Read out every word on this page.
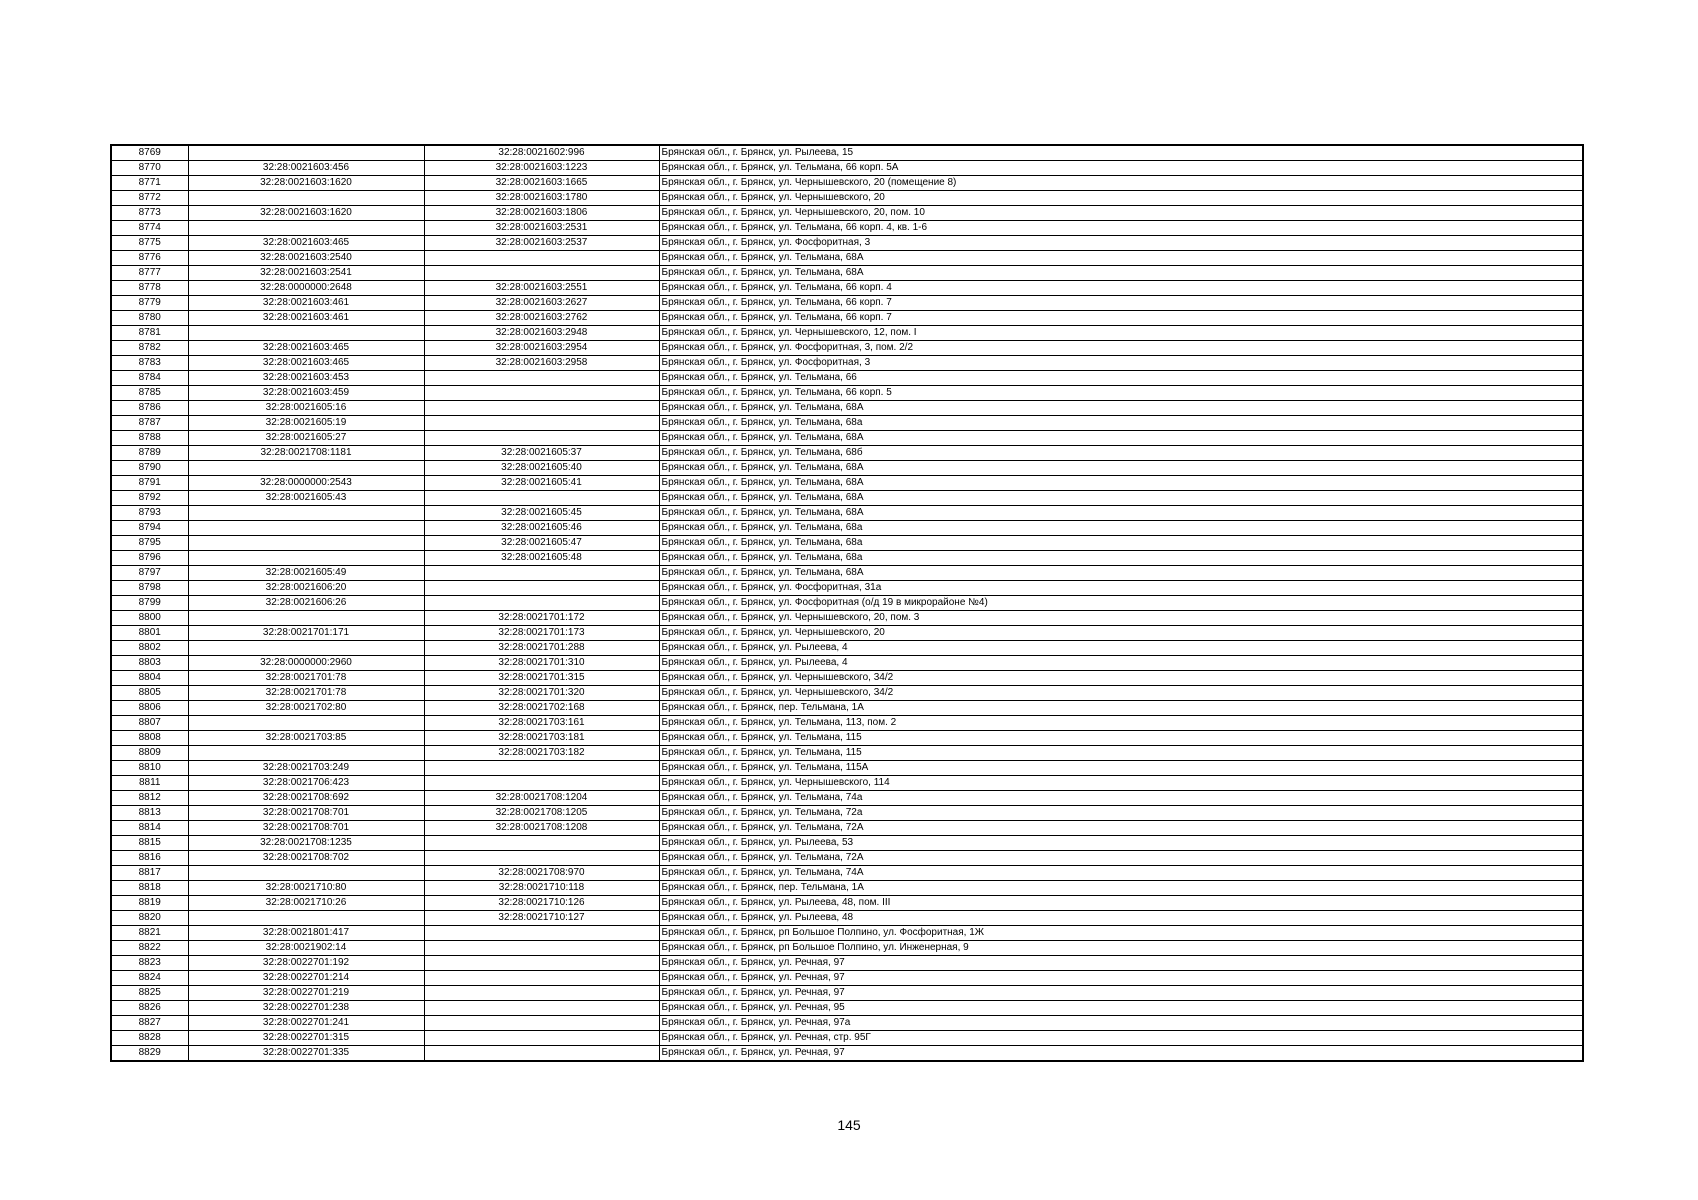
8769		32:28:0021602:996	Брянская обл., г. Брянск, ул. Рылеева, 15
8770	32:28:0021603:456	32:28:0021603:1223	Брянская обл., г. Брянск, ул. Тельмана, 66 корп. 5А
8771	32:28:0021603:1620	32:28:0021603:1665	Брянская обл., г. Брянск, ул. Чернышевского, 20 (помещение 8)
8772		32:28:0021603:1780	Брянская обл., г. Брянск, ул. Чернышевского, 20
8773	32:28:0021603:1620	32:28:0021603:1806	Брянская обл., г. Брянск, ул. Чернышевского, 20, пом. 10
8774		32:28:0021603:2531	Брянская обл., г. Брянск, ул. Тельмана, 66 корп. 4, кв. 1-6
8775	32:28:0021603:465	32:28:0021603:2537	Брянская обл., г. Брянск, ул. Фосфоритная, 3
8776	32:28:0021603:2540		Брянская обл., г. Брянск, ул. Тельмана, 68А
8777	32:28:0021603:2541		Брянская обл., г. Брянск, ул. Тельмана, 68А
8778	32:28:0000000:2648	32:28:0021603:2551	Брянская обл., г. Брянск, ул. Тельмана, 66 корп. 4
8779	32:28:0021603:461	32:28:0021603:2627	Брянская обл., г. Брянск, ул. Тельмана, 66 корп. 7
8780	32:28:0021603:461	32:28:0021603:2762	Брянская обл., г. Брянск, ул. Тельмана, 66 корп. 7
8781		32:28:0021603:2948	Брянская обл., г. Брянск, ул. Чернышевского, 12, пом. I
8782	32:28:0021603:465	32:28:0021603:2954	Брянская обл., г. Брянск, ул. Фосфоритная, 3, пом. 2/2
8783	32:28:0021603:465	32:28:0021603:2958	Брянская обл., г. Брянск, ул. Фосфоритная, 3
8784	32:28:0021603:453		Брянская обл., г. Брянск, ул. Тельмана, 66
8785	32:28:0021603:459		Брянская обл., г. Брянск, ул. Тельмана, 66 корп. 5
8786	32:28:0021605:16		Брянская обл., г. Брянск, ул. Тельмана, 68А
8787	32:28:0021605:19		Брянская обл., г. Брянск, ул. Тельмана, 68а
8788	32:28:0021605:27		Брянская обл., г. Брянск, ул. Тельмана, 68А
8789	32:28:0021708:1181	32:28:0021605:37	Брянская обл., г. Брянск, ул. Тельмана, 68б
8790		32:28:0021605:40	Брянская обл., г. Брянск, ул. Тельмана, 68А
8791	32:28:0000000:2543	32:28:0021605:41	Брянская обл., г. Брянск, ул. Тельмана, 68А
8792	32:28:0021605:43		Брянская обл., г. Брянск, ул. Тельмана, 68А
8793		32:28:0021605:45	Брянская обл., г. Брянск, ул. Тельмана, 68А
8794		32:28:0021605:46	Брянская обл., г. Брянск, ул. Тельмана, 68а
8795		32:28:0021605:47	Брянская обл., г. Брянск, ул. Тельмана, 68а
8796		32:28:0021605:48	Брянская обл., г. Брянск, ул. Тельмана, 68а
8797	32:28:0021605:49		Брянская обл., г. Брянск, ул. Тельмана, 68А
8798	32:28:0021606:20		Брянская обл., г. Брянск, ул. Фосфоритная, 31а
8799	32:28:0021606:26		Брянская обл., г. Брянск, ул. Фосфоритная (о/д 19 в микрорайоне №4)
8800		32:28:0021701:172	Брянская обл., г. Брянск, ул. Чернышевского, 20, пом. 3
8801	32:28:0021701:171	32:28:0021701:173	Брянская обл., г. Брянск, ул. Чернышевского, 20
8802		32:28:0021701:288	Брянская обл., г. Брянск, ул. Рылеева, 4
8803	32:28:0000000:2960	32:28:0021701:310	Брянская обл., г. Брянск, ул. Рылеева, 4
8804	32:28:0021701:78	32:28:0021701:315	Брянская обл., г. Брянск, ул. Чернышевского, 34/2
8805	32:28:0021701:78	32:28:0021701:320	Брянская обл., г. Брянск, ул. Чернышевского, 34/2
8806	32:28:0021702:80	32:28:0021702:168	Брянская обл., г. Брянск, пер. Тельмана, 1А
8807		32:28:0021703:161	Брянская обл., г. Брянск, ул. Тельмана, 113, пом. 2
8808	32:28:0021703:85	32:28:0021703:181	Брянская обл., г. Брянск, ул. Тельмана, 115
8809		32:28:0021703:182	Брянская обл., г. Брянск, ул. Тельмана, 115
8810	32:28:0021703:249		Брянская обл., г. Брянск, ул. Тельмана, 115А
8811	32:28:0021706:423		Брянская обл., г. Брянск, ул. Чернышевского, 114
8812	32:28:0021708:692	32:28:0021708:1204	Брянская обл., г. Брянск, ул. Тельмана, 74а
8813	32:28:0021708:701	32:28:0021708:1205	Брянская обл., г. Брянск, ул. Тельмана, 72а
8814	32:28:0021708:701	32:28:0021708:1208	Брянская обл., г. Брянск, ул. Тельмана, 72А
8815	32:28:0021708:1235		Брянская обл., г. Брянск, ул. Рылеева, 53
8816	32:28:0021708:702		Брянская обл., г. Брянск, ул. Тельмана, 72А
8817		32:28:0021708:970	Брянская обл., г. Брянск, ул. Тельмана, 74А
8818	32:28:0021710:80	32:28:0021710:118	Брянская обл., г. Брянск, пер. Тельмана, 1А
8819	32:28:0021710:26	32:28:0021710:126	Брянская обл., г. Брянск, ул. Рылеева, 48, пом. III
8820		32:28:0021710:127	Брянская обл., г. Брянск, ул. Рылеева, 48
8821	32:28:0021801:417		Брянская обл., г. Брянск, рп Большое Полпино, ул. Фосфоритная, 1Ж
8822	32:28:0021902:14		Брянская обл., г. Брянск, рп Большое Полпино, ул. Инженерная, 9
8823	32:28:0022701:192		Брянская обл., г. Брянск, ул. Речная, 97
8824	32:28:0022701:214		Брянская обл., г. Брянск, ул. Речная, 97
8825	32:28:0022701:219		Брянская обл., г. Брянск, ул. Речная, 97
8826	32:28:0022701:238		Брянская обл., г. Брянск, ул. Речная, 95
8827	32:28:0022701:241		Брянская обл., г. Брянск, ул. Речная, 97а
8828	32:28:0022701:315		Брянская обл., г. Брянск, ул. Речная, стр. 95Г
8829	32:28:0022701:335		Брянская обл., г. Брянск, ул. Речная, 97
145
